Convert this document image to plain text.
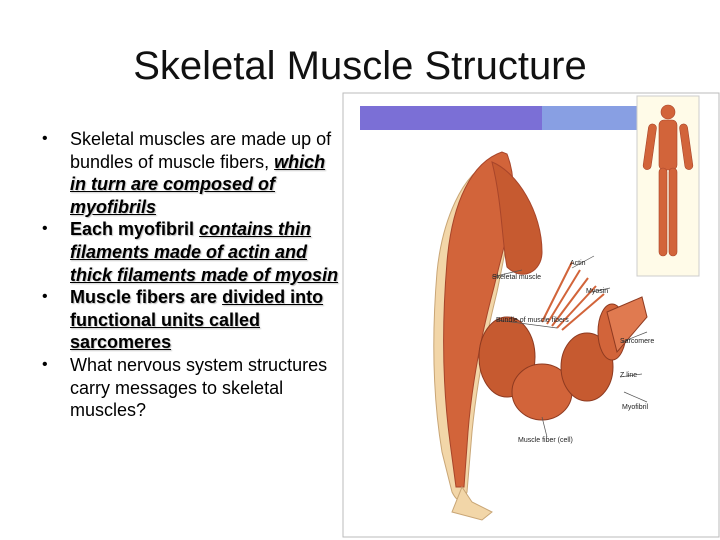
Skeletal Muscle Structure
• Skeletal muscles are made up of bundles of muscle fibers, which in turn are composed of myofibrils
• Each myofibril contains thin filaments made of actin and thick filaments made of myosin
• Muscle fibers are divided into functional units called sarcomeres
• What nervous system structures carry messages to skeletal muscles?
Skeletal muscle
Actin
Myosin
Bundle of muscle fibers
Sarcomere
Z line
Myofibril
Muscle fiber (cell)
